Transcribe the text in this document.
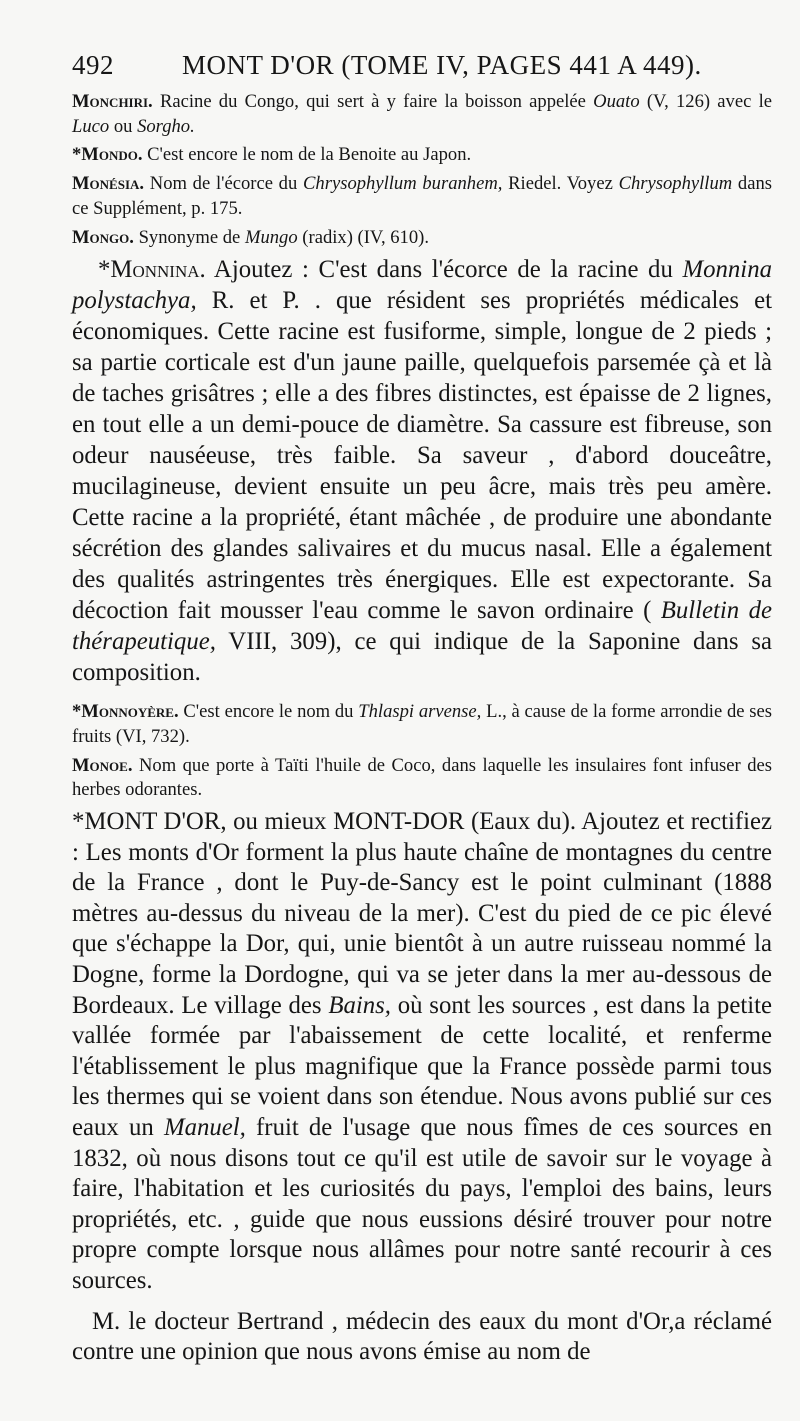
492	MONT D'OR (TOME IV, PAGES 441 A 449).

Monchiri. Racine du Congo, qui sert à y faire la boisson appelée Ouato (V, 126) avec le Luco ou Sorgho.

*Mondo. C'est encore le nom de la Benoite au Japon.

Monésia. Nom de l'écorce du Chrysophyllum buranhem, Riedel. Voyez Chrysophyllum dans ce Supplément, p. 175.

Mongo. Synonyme de Mungo (radix) (IV, 610).

*Monnina. Ajoutez : C'est dans l'écorce de la racine du Monnina polystachya, R. et P. . que résident ses propriétés médicales et économiques. Cette racine est fusiforme, simple, longue de 2 pieds ; sa partie corticale est d'un jaune paille, quelquefois parsemée çà et là de taches grisâtres ; elle a des fibres distinctes, est épaisse de 2 lignes, en tout elle a un demi-pouce de diamètre. Sa cassure est fibreuse, son odeur nauséeuse, très faible. Sa saveur , d'abord douceâtre, mucilagineuse, devient ensuite un peu âcre, mais très peu amère. Cette racine a la propriété, étant mâchée , de produire une abondante sécrétion des glandes salivaires et du mucus nasal. Elle a également des qualités astringentes très énergiques. Elle est expectorante. Sa décoction fait mousser l'eau comme le savon ordinaire ( Bulletin de thérapeutique, VIII, 309), ce qui indique de la Saponine dans sa composition.

*Monnoyère. C'est encore le nom du Thlaspi arvense, L., à cause de la forme arrondie de ses fruits (VI, 732).

Monoe. Nom que porte à Taïti l'huile de Coco, dans laquelle les insulaires font infuser des herbes odorantes.

*MONT D'OR, ou mieux MONT-DOR (Eaux du). Ajoutez et rectifiez : Les monts d'Or forment la plus haute chaîne de montagnes du centre de la France , dont le Puy-de-Sancy est le point culminant (1888 mètres au-dessus du niveau de la mer). C'est du pied de ce pic élevé que s'échappe la Dor, qui, unie bientôt à un autre ruisseau nommé la Dogne, forme la Dordogne, qui va se jeter dans la mer au-dessous de Bordeaux. Le village des Bains, où sont les sources , est dans la petite vallée formée par l'abaissement de cette localité, et renferme l'établissement le plus magnifique que la France possède parmi tous les thermes qui se voient dans son étendue. Nous avons publié sur ces eaux un Manuel, fruit de l'usage que nous fîmes de ces sources en 1832, où nous disons tout ce qu'il est utile de savoir sur le voyage à faire, l'habitation et les curiosités du pays, l'emploi des bains, leurs propriétés, etc. , guide que nous eussions désiré trouver pour notre propre compte lorsque nous allâmes pour notre santé recourir à ces sources.

M. le docteur Bertrand , médecin des eaux du mont d'Or,a réclamé contre une opinion que nous avons émise au nom de
